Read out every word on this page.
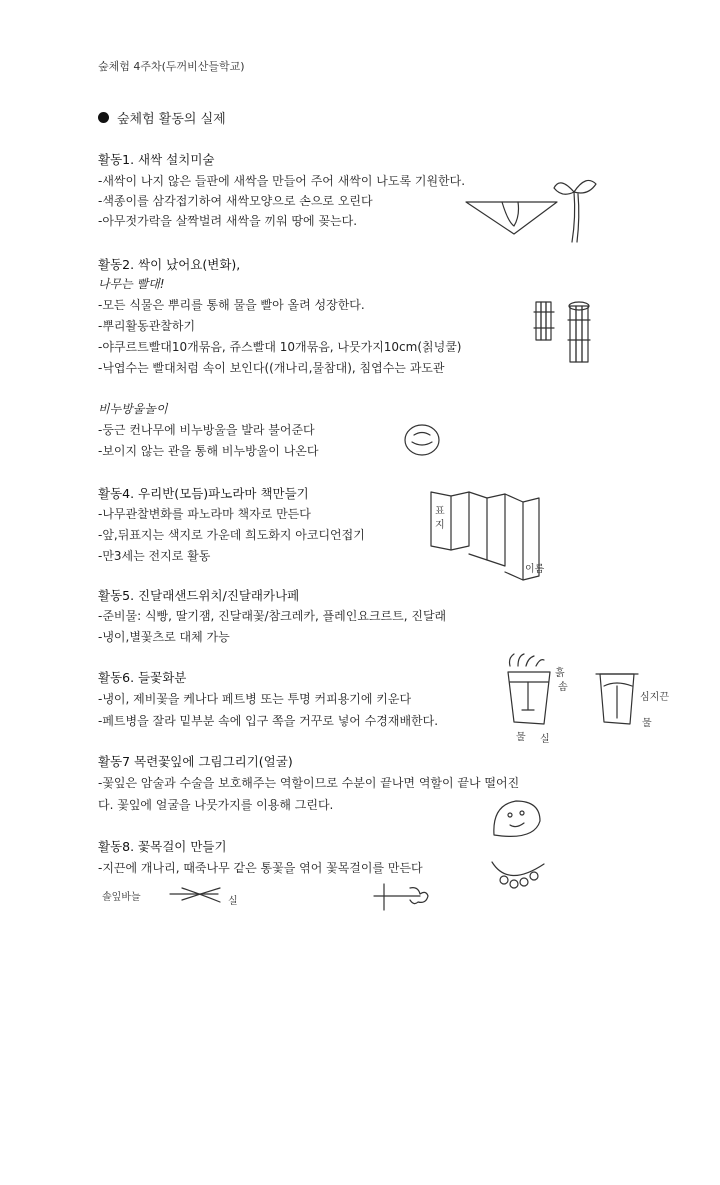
숲체험 4주차(두꺼비산들학교)
숲체험 활동의 실제
활동1. 새싹 설치미술
-새싹이 나지 않은 들판에 새싹을 만들어 주어 새싹이 나도록 기원한다.
-색종이를 삼각접기하여 새싹모양으로 손으로 오린다
-아무젓가락을 살짝벌려 새싹을 끼워 땅에 꽂는다.
활동2. 싹이 났어요(변화),
나무는 빨대!
-모든 식물은 뿌리를 통해 물을 빨아 올려 성장한다.
-뿌리활동관찰하기
-야쿠르트빨대10개묶음, 쥬스빨대 10개묶음, 나뭇가지10cm(칡넝쿨)
-낙엽수는 빨대처럼 속이 보인다((개나리,물참대), 침엽수는 과도관
비누방울놀이
-둥근 컨나무에 비누방울을 발라 불어준다
-보이지 않는 관을 통해 비누방울이 나온다
활동4. 우리반(모듬)파노라마 책만들기
-나무관찰변화를 파노라마 책자로 만든다
-앞,뒤표지는 색지로 가운데 희도화지 아코디언접기
-만3세는 전지로 활동
활동5. 진달래샌드위치/진달래카나페
-준비물: 식빵, 딸기잼, 진달래꽃/참크레카, 플레인요크르트, 진달래
-냉이,별꽃츠로 대체 가능
활동6. 들꽃화분
-냉이, 제비꽃을 케나다 페트병 또는 투명 커피용기에 키운다
-페트병을 잘라 밑부분 속에 입구 쪽을 거꾸로 넣어 수경재배한다.
활동7 목련꽃잎에 그림그리기(얼굴)
-꽃잎은 암술과 수술을 보호해주는 역할이므로 수분이 끝나면 역할이 끝나 떨어진
다. 꽃잎에 얼굴을 나뭇가지를 이용해 그린다.
활동8. 꽃목걸이 만들기
-지끈에 개나리, 때죽나무 같은 통꽃을 엮어 꽃목걸이를 만든다
표 지
이름
흙
솜
물 실
심지끈
물
솔잎바늘	실
